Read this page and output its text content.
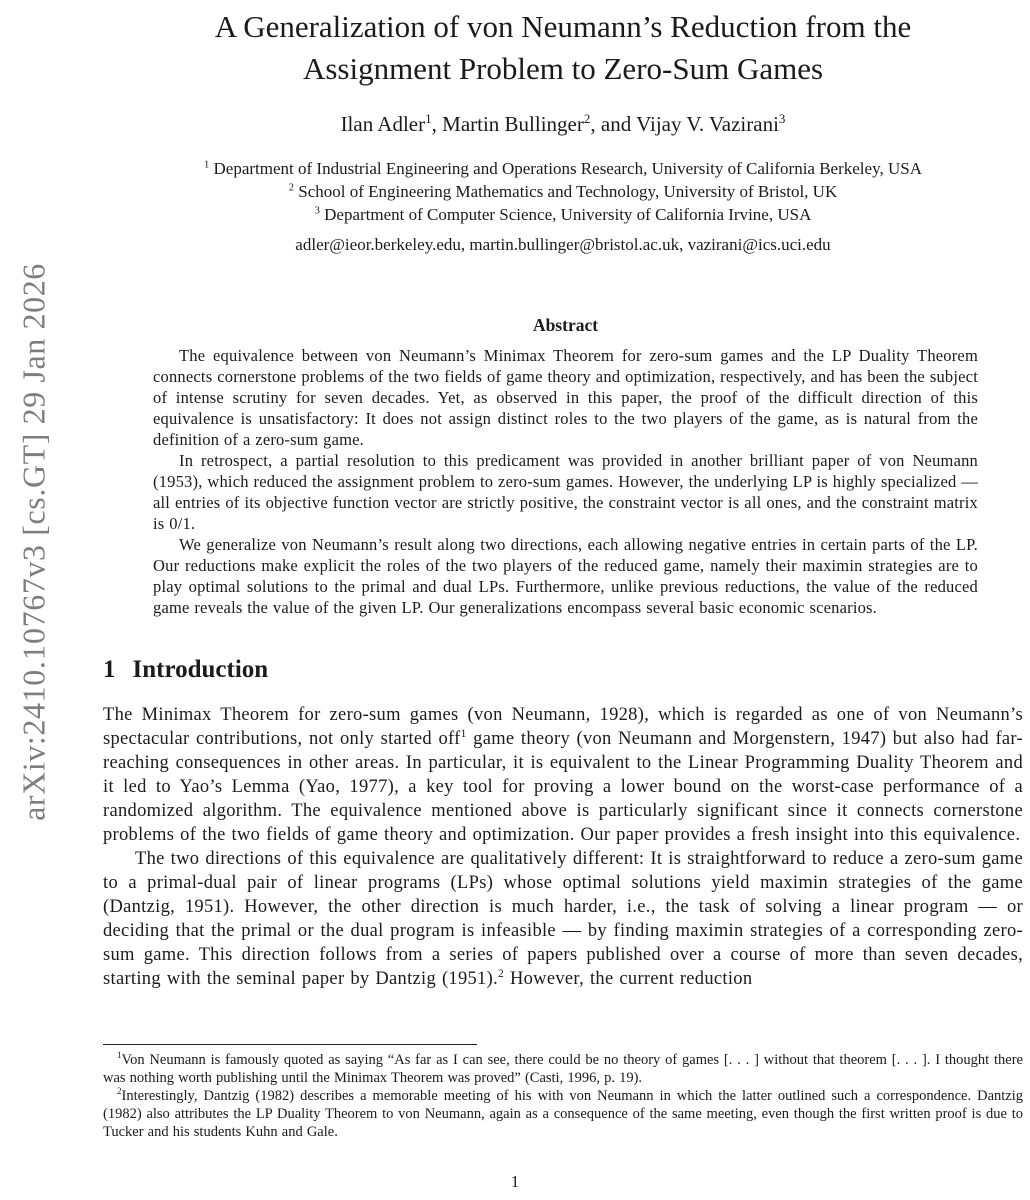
arXiv:2410.10767v3 [cs.GT] 29 Jan 2026
A Generalization of von Neumann’s Reduction from the Assignment Problem to Zero-Sum Games
Ilan Adler$^1$, Martin Bullinger$^2$, and Vijay V. Vazirani$^3$
$^1$ Department of Industrial Engineering and Operations Research, University of California Berkeley, USA
$^2$ School of Engineering Mathematics and Technology, University of Bristol, UK
$^3$ Department of Computer Science, University of California Irvine, USA
adler@ieor.berkeley.edu, martin.bullinger@bristol.ac.uk, vazirani@ics.uci.edu
Abstract

The equivalence between von Neumann’s Minimax Theorem for zero-sum games and the LP Duality Theorem connects cornerstone problems of the two fields of game theory and optimization, respectively, and has been the subject of intense scrutiny for seven decades. Yet, as observed in this paper, the proof of the difficult direction of this equivalence is unsatisfactory: It does not assign distinct roles to the two players of the game, as is natural from the definition of a zero-sum game.

In retrospect, a partial resolution to this predicament was provided in another brilliant paper of von Neumann (1953), which reduced the assignment problem to zero-sum games. However, the underlying LP is highly specialized — all entries of its objective function vector are strictly positive, the constraint vector is all ones, and the constraint matrix is 0/1.

We generalize von Neumann’s result along two directions, each allowing negative entries in certain parts of the LP. Our reductions make explicit the roles of the two players of the reduced game, namely their maximin strategies are to play optimal solutions to the primal and dual LPs. Furthermore, unlike previous reductions, the value of the reduced game reveals the value of the given LP. Our generalizations encompass several basic economic scenarios.

1 Introduction

The Minimax Theorem for zero-sum games (von Neumann, 1928), which is regarded as one of von Neumann’s spectacular contributions, not only started off$^1$ game theory (von Neumann and Morgenstern, 1947) but also had far-reaching consequences in other areas. In particular, it is equivalent to the Linear Programming Duality Theorem and it led to Yao’s Lemma (Yao, 1977), a key tool for proving a lower bound on the worst-case performance of a randomized algorithm. The equivalence mentioned above is particularly significant since it connects cornerstone problems of the two fields of game theory and optimization. Our paper provides a fresh insight into this equivalence.

The two directions of this equivalence are qualitatively different: It is straightforward to reduce a zero-sum game to a primal-dual pair of linear programs (LPs) whose optimal solutions yield maximin strategies of the game (Dantzig, 1951). However, the other direction is much harder, i.e., the task of solving a linear program — or deciding that the primal or the dual program is infeasible — by finding maximin strategies of a corresponding zero-sum game. This direction follows from a series of papers published over a course of more than seven decades, starting with the seminal paper by Dantzig (1951).$^2$ However, the current reduction

$^1$Von Neumann is famously quoted as saying “As far as I can see, there could be no theory of games [. . . ] without that theorem [. . . ]. I thought there was nothing worth publishing until the Minimax Theorem was proved” (Casti, 1996, p. 19).

$^2$Interestingly, Dantzig (1982) describes a memorable meeting of his with von Neumann in which the latter outlined such a correspondence. Dantzig (1982) also attributes the LP Duality Theorem to von Neumann, again as a consequence of the same meeting, even though the first written proof is due to Tucker and his students Kuhn and Gale.

1
